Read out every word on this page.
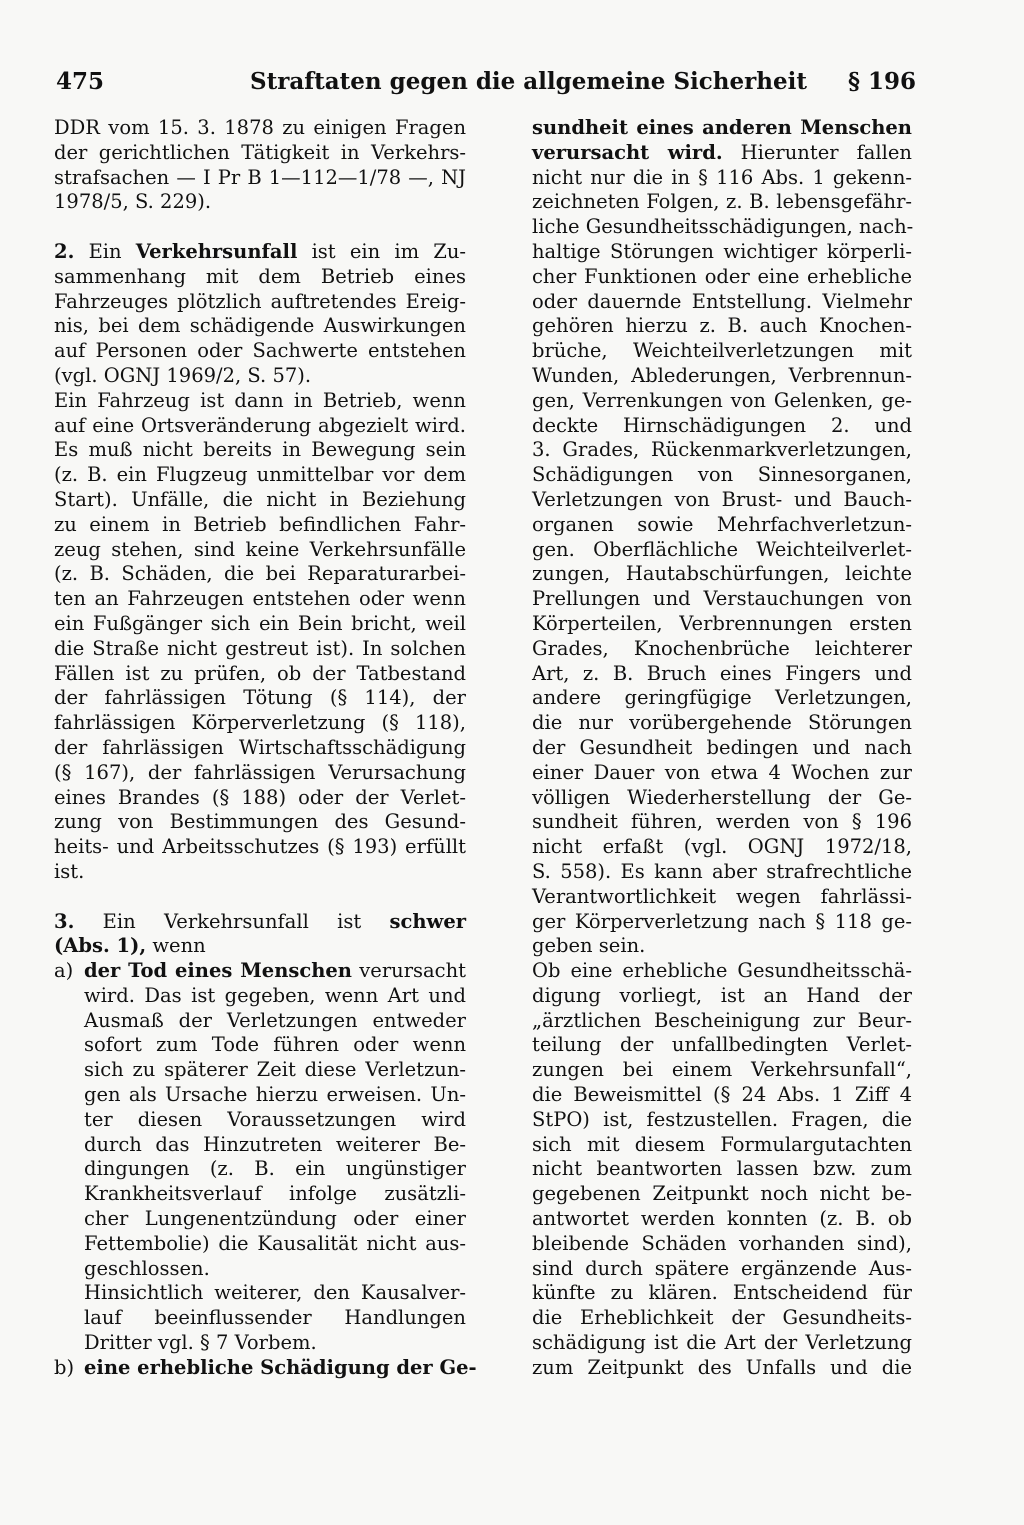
475	Straftaten gegen die allgemeine Sicherheit § 196
DDR vom 15. 3. 1878 zu einigen Fragen
der gerichtlichen Tätigkeit in Verkehrs-
strafsachen — I Pr B 1—112—1/78 —, NJ
1978/5, S. 229).
2. Ein Verkehrsunfall ist ein im Zu-
sammenhang mit dem Betrieb eines
Fahrzeuges plötzlich auftretendes Ereig-
nis, bei dem schädigende Auswirkungen
auf Personen oder Sachwerte entstehen
(vgl. OGNJ 1969/2, S. 57).
Ein Fahrzeug ist dann in Betrieb, wenn
auf eine Ortsveränderung abgezielt wird.
Es muß nicht bereits in Bewegung sein
(z. B. ein Flugzeug unmittelbar vor dem
Start). Unfälle, die nicht in Beziehung
zu einem in Betrieb befindlichen Fahr-
zeug stehen, sind keine Verkehrsunfälle
(z. B. Schäden, die bei Reparaturarbei-
ten an Fahrzeugen entstehen oder wenn
ein Fußgänger sich ein Bein bricht, weil
die Straße nicht gestreut ist). In solchen
Fällen ist zu prüfen, ob der Tatbestand
der fahrlässigen Tötung (§ 114), der
fahrlässigen Körperverletzung (§ 118),
der fahrlässigen Wirtschaftsschädigung
(§ 167), der fahrlässigen Verursachung
eines Brandes (§ 188) oder der Verlet-
zung von Bestimmungen des Gesund-
heits- und Arbeitsschutzes (§ 193) erfüllt
ist.
3. Ein Verkehrsunfall ist schwer
(Abs. 1), wenn
a) der Tod eines Menschen verursacht
wird. Das ist gegeben, wenn Art und
Ausmaß der Verletzungen entweder
sofort zum Tode führen oder wenn
sich zu späterer Zeit diese Verletzun-
gen als Ursache hierzu erweisen. Un-
ter diesen Voraussetzungen wird
durch das Hinzutreten weiterer Be-
dingungen (z. B. ein ungünstiger
Krankheitsverlauf infolge zusätzli-
cher Lungenentzündung oder einer
Fettembolie) die Kausalität nicht aus-
geschlossen.
Hinsichtlich weiterer, den Kausalver-
lauf beeinflussender Handlungen
Dritter vgl. § 7 Vorbem.
b) eine erhebliche Schädigung der Ge-
sundheit eines anderen Menschen
verursacht wird. Hierunter fallen
nicht nur die in § 116 Abs. 1 gekenn-
zeichneten Folgen, z. B. lebensgefähr-
liche Gesundheitsschädigungen, nach-
haltige Störungen wichtiger körperli-
cher Funktionen oder eine erhebliche
oder dauernde Entstellung. Vielmehr
gehören hierzu z. B. auch Knochen-
brüche, Weichteilverletzungen mit
Wunden, Ablederungen, Verbrennun-
gen, Verrenkungen von Gelenken, ge-
deckte Hirnschädigungen 2. und
3. Grades, Rückenmarkverletzungen,
Schädigungen von Sinnesorganen,
Verletzungen von Brust- und Bauch-
organen sowie Mehrfachverletzun-
gen. Oberflächliche Weichteilverlet-
zungen, Hautabschürfungen, leichte
Prellungen und Verstauchungen von
Körperteilen, Verbrennungen ersten
Grades, Knochenbrüche leichterer
Art, z. B. Bruch eines Fingers und
andere geringfügige Verletzungen,
die nur vorübergehende Störungen
der Gesundheit bedingen und nach
einer Dauer von etwa 4 Wochen zur
völligen Wiederherstellung der Ge-
sundheit führen, werden von § 196
nicht erfaßt (vgl. OGNJ 1972/18,
S. 558). Es kann aber strafrechtliche
Verantwortlichkeit wegen fahrlässi-
ger Körperverletzung nach § 118 ge-
geben sein.
Ob eine erhebliche Gesundheitsschä-
digung vorliegt, ist an Hand der
„ärztlichen Bescheinigung zur Beur-
teilung der unfallbedingten Verlet-
zungen bei einem Verkehrsunfall“,
die Beweismittel (§ 24 Abs. 1 Ziff 4
StPO) ist, festzustellen. Fragen, die
sich mit diesem Formulargutachten
nicht beantworten lassen bzw. zum
gegebenen Zeitpunkt noch nicht be-
antwortet werden konnten (z. B. ob
bleibende Schäden vorhanden sind),
sind durch spätere ergänzende Aus-
künfte zu klären. Entscheidend für
die Erheblichkeit der Gesundheits-
schädigung ist die Art der Verletzung
zum Zeitpunkt des Unfalls und die
